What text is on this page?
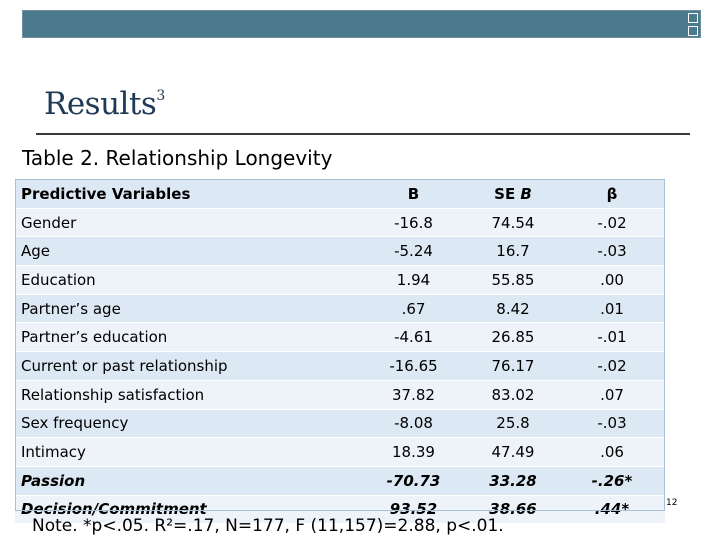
Results$^3$
Table 2. Relationship Longevity
Predictive Variables	B	SE B	β
Gender	-16.8	74.54	-.02
Age	-5.24	16.7	-.03
Education	1.94	55.85	.00
Partner’s age	.67	8.42	.01
Partner’s education	-4.61	26.85	-.01
Current or past relationship	-16.65	76.17	-.02
Relationship satisfaction	37.82	83.02	.07
Sex frequency	-8.08	25.8	-.03
Intimacy	18.39	47.49	.06
Passion	-70.73	33.28	-.26*
Decision/Commitment	93.52	38.66	.44*
Note. *p<.05. R²=.17, N=177, F (11,157)=2.88, p<.01.
12
